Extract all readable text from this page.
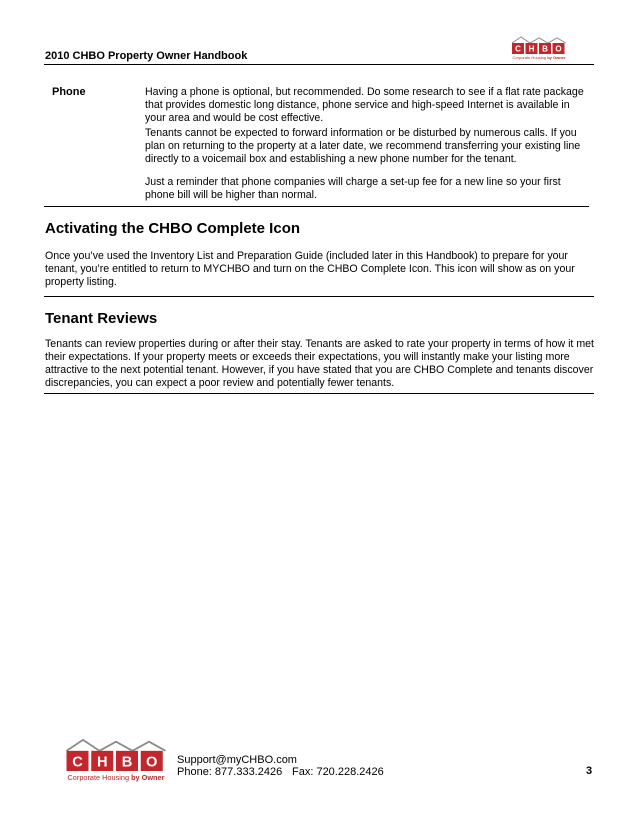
2010 CHBO Property Owner Handbook
C H B O
Corporate Housing by Owner
Phone	Having a phone is optional, but recommended. Do some research to see if a flat rate package that provides domestic long distance, phone service and high-speed Internet is available in your area and would be cost effective.
Tenants cannot be expected to forward information or be disturbed by numerous calls. If you plan on returning to the property at a later date, we recommend transferring your existing line directly to a voicemail box and establishing a new phone number for the tenant.
Just a reminder that phone companies will charge a set-up fee for a new line so your first phone bill will be higher than normal.
Activating the CHBO Complete Icon
Once you’ve used the Inventory List and Preparation Guide (included later in this Handbook) to prepare for your tenant, you’re entitled to return to MYCHBO and turn on the CHBO Complete Icon. This icon will show as on your property listing.
Tenant Reviews
Tenants can review properties during or after their stay. Tenants are asked to rate your property in terms of how it met their expectations. If your property meets or exceeds their expectations, you will instantly make your listing more attractive to the next potential tenant. However, if you have stated that you are CHBO Complete and tenants discover discrepancies, you can expect a poor review and potentially fewer tenants.
C H B O
Corporate Housing by Owner
Support@myCHBO.com
Phone: 877.333.2426 Fax: 720.228.2426	3
